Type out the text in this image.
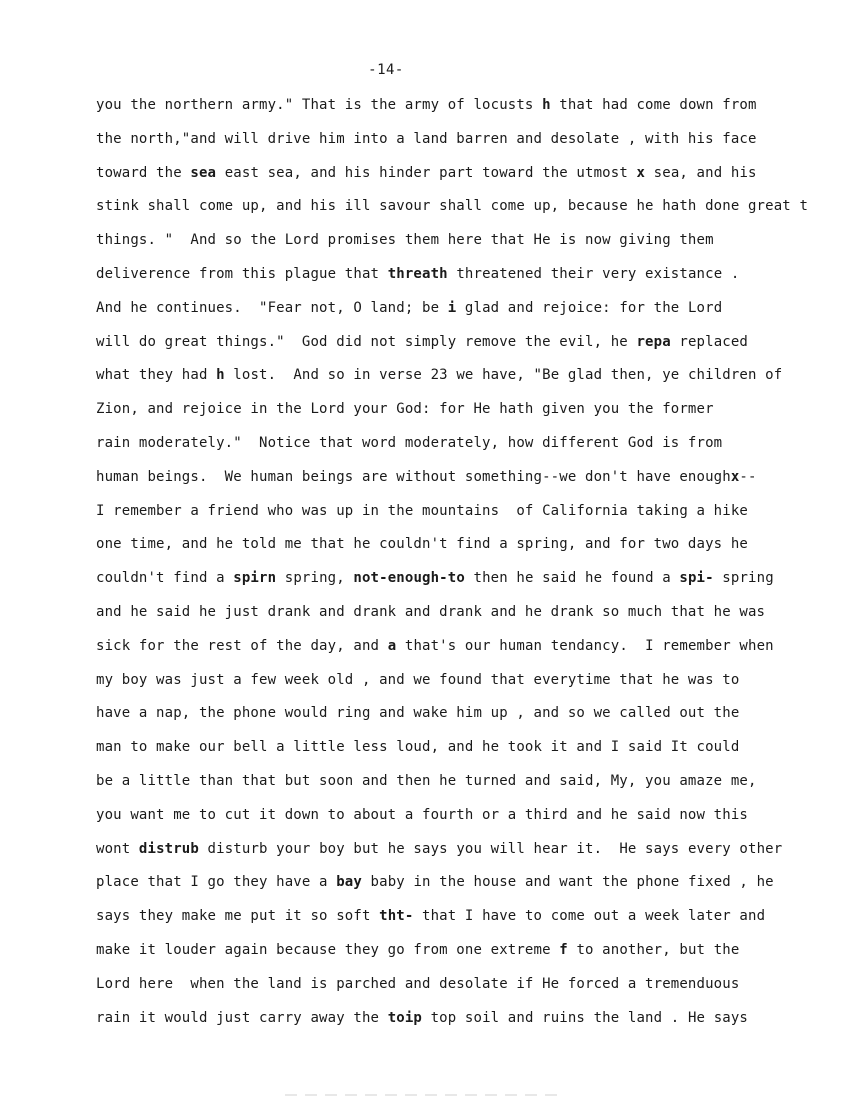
-14-
you the northern army." That is the army of locusts h that had come down from
the north,"and will drive him into a land barren and desolate , with his face
toward the sea east sea, and his hinder part toward the utmost x sea, and his
stink shall come up, and his ill savour shall come up, because he hath done great t
things. "  And so the Lord promises them here that He is now giving them
deliverence from this plague that threath threatened their very existance .
And he continues.  "Fear not, O land; be i glad and rejoice: for the Lord
will do great things."  God did not simply remove the evil, he repa replaced
what they had h lost.  And so in verse 23 we have, "Be glad then, ye children of
Zion, and rejoice in the Lord your God: for He hath given you the former
rain moderately."  Notice that word moderately, how different God is from
human beings.  We human beings are without something--we don't have enoughx--
I remember a friend who was up in the mountains  of California taking a hike
one time, and he told me that he couldn't find a spring, and for two days he
couldn't find a spirn spring, not-enough-to then he said he found a spi- spring
and he said he just drank and drank and drank and he drank so much that he was
sick for the rest of the day, and a that's our human tendancy.  I remember when
my boy was just a few week old , and we found that everytime that he was to
have a nap, the phone would ring and wake him up , and so we called out the
man to make our bell a little less loud, and he took it and I said It could
be a little than that but soon and then he turned and said, My, you amaze me,
you want me to cut it down to about a fourth or a third and he said now this
wont distrub disturb your boy but he says you will hear it.  He says every other
place that I go they have a bay baby in the house and want the phone fixed , he
says they make me put it so soft tht- that I have to come out a week later and
make it louder again because they go from one extreme f to another, but the
Lord here  when the land is parched and desolate if He forced a tremenduous
rain it would just carry away the toip top soil and ruins the land . He says
